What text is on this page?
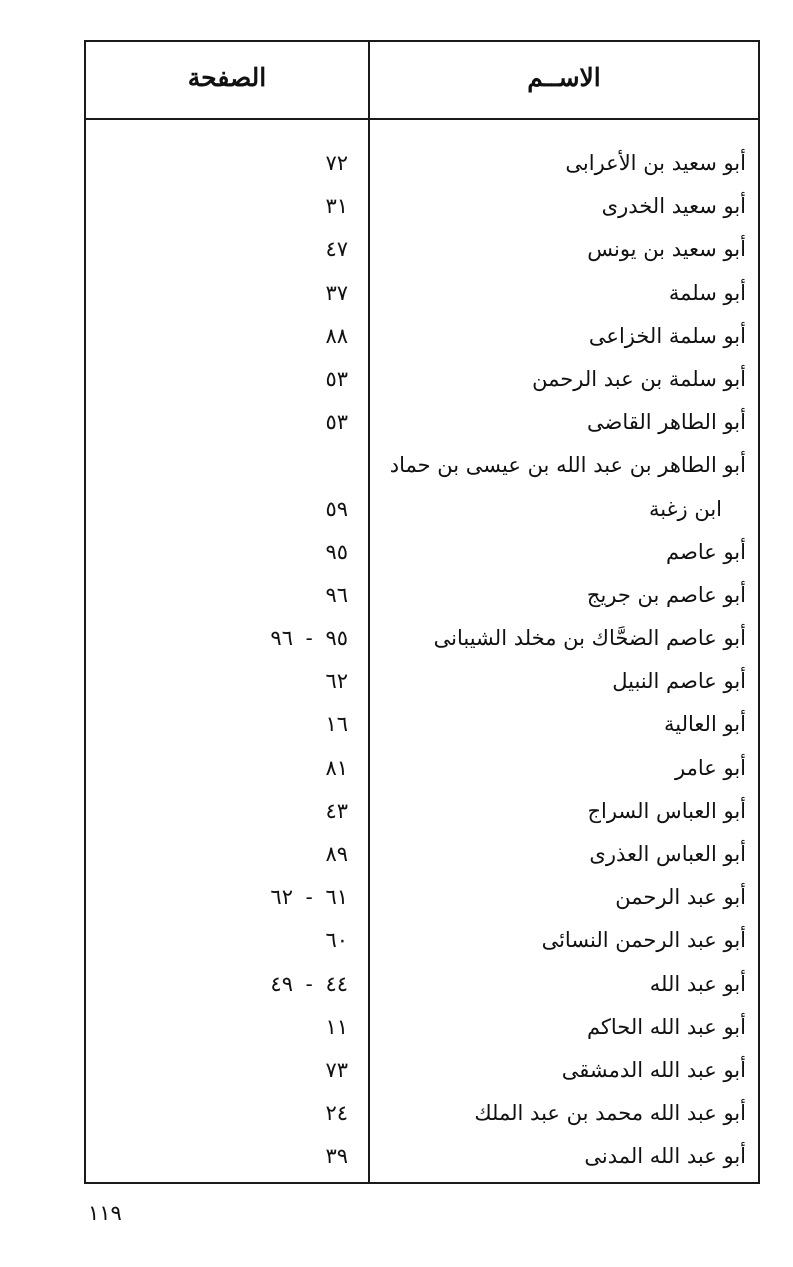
الاســم
الصفحة
أبو سعيد بن الأعرابى
٧٢
أبو سعيد الخدرى
٣١
أبو سعيد بن يونس
٤٧
أبو سلمة
٣٧
أبو سلمة الخزاعى
٨٨
أبو سلمة بن عبد الرحمن
٥٣
أبو الطاهر القاضى
٥٣
أبو الطاهر بن عبد الله بن عيسى بن حماد
ابن زغبة
٥٩
أبو عاصم
٩٥
أبو عاصم بن جريج
٩٦
أبو عاصم الضحَّاك بن مخلد الشيبانى
٩٥ - ٩٦
أبو عاصم النبيل
٦٢
أبو العالية
١٦
أبو عامر
٨١
أبو العباس السراج
٤٣
أبو العباس العذرى
٨٩
أبو عبد الرحمن
٦١ - ٦٢
أبو عبد الرحمن النسائى
٦٠
أبو عبد الله
٤٤ - ٤٩
أبو عبد الله الحاكم
١١
أبو عبد الله الدمشقى
٧٣
أبو عبد الله محمد بن عبد الملك
٢٤
أبو عبد الله المدنى
٣٩
١١٩
